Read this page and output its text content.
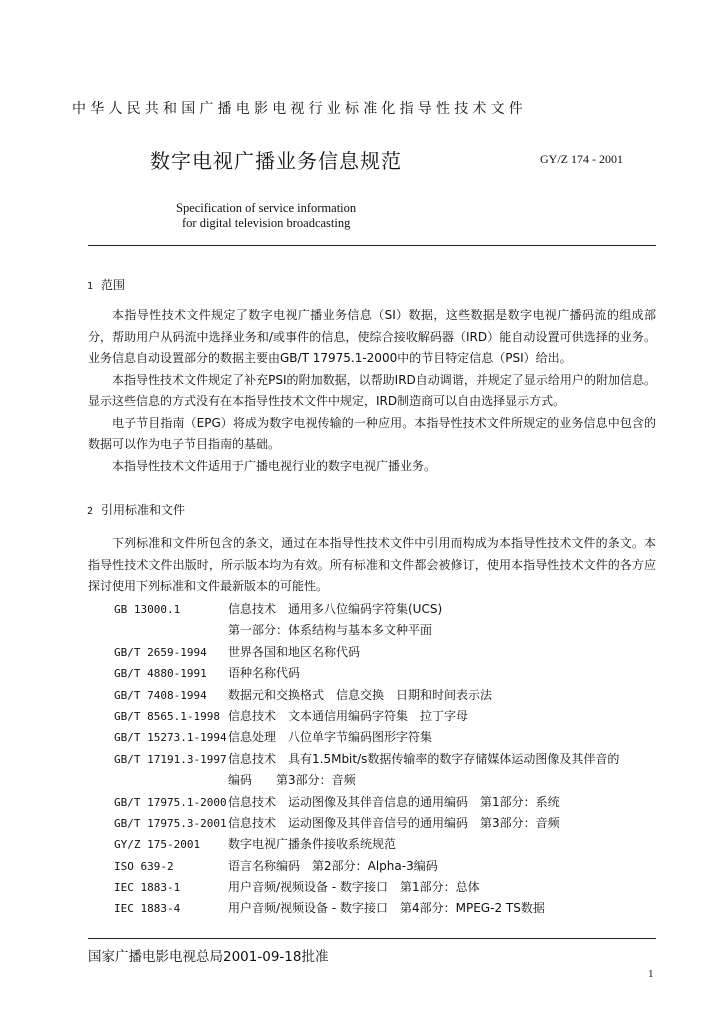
中华人民共和国广播电影电视行业标准化指导性技术文件
数字电视广播业务信息规范	GY/Z 174 - 2001
Specification of service information
for digital television broadcasting
1 范围

本指导性技术文件规定了数字电视广播业务信息（SI）数据，这些数据是数字电视广播码流的组成部分，帮助用户从码流中选择业务和/或事件的信息，使综合接收解码器（IRD）能自动设置可供选择的业务。业务信息自动设置部分的数据主要由GB/T 17975.1-2000中的节目特定信息（PSI）给出。

本指导性技术文件规定了补充PSI的附加数据，以帮助IRD自动调谐，并规定了显示给用户的附加信息。显示这些信息的方式没有在本指导性技术文件中规定，IRD制造商可以自由选择显示方式。

电子节目指南（EPG）将成为数字电视传输的一种应用。本指导性技术文件所规定的业务信息中包含的数据可以作为电子节目指南的基础。

本指导性技术文件适用于广播电视行业的数字电视广播业务。

2 引用标准和文件

下列标准和文件所包含的条文，通过在本指导性技术文件中引用而构成为本指导性技术文件的条文。本指导性技术文件出版时，所示版本均为有效。所有标准和文件都会被修订，使用本指导性技术文件的各方应探讨使用下列标准和文件最新版本的可能性。

GB 13000.1	信息技术　通用多八位编码字符集(UCS)
第一部分：体系结构与基本多文种平面
GB/T 2659-1994	世界各国和地区名称代码
GB/T 4880-1991	语种名称代码
GB/T 7408-1994	数据元和交换格式　信息交换　日期和时间表示法
GB/T 8565.1-1998 信息技术　文本通信用编码字符集　拉丁字母
GB/T 15273.1-1994 信息处理　八位单字节编码图形字符集
GB/T 17191.3-1997 信息技术　具有1.5Mbit/s数据传输率的数字存储媒体运动图像及其伴音的
编码　　第3部分：音频
GB/T 17975.1-2000 信息技术　运动图像及其伴音信息的通用编码　第1部分：系统
GB/T 17975.3-2001 信息技术　运动图像及其伴音信号的通用编码　第3部分：音频
GY/Z 175-2001	数字电视广播条件接收系统规范
ISO 639-2	语言名称编码　第2部分：Alpha-3编码
IEC 1883-1	用户音频/视频设备 - 数字接口　第1部分：总体
IEC 1883-4	用户音频/视频设备 - 数字接口　第4部分：MPEG-2 TS数据
国家广播电影电视总局2001-09-18批准
1
